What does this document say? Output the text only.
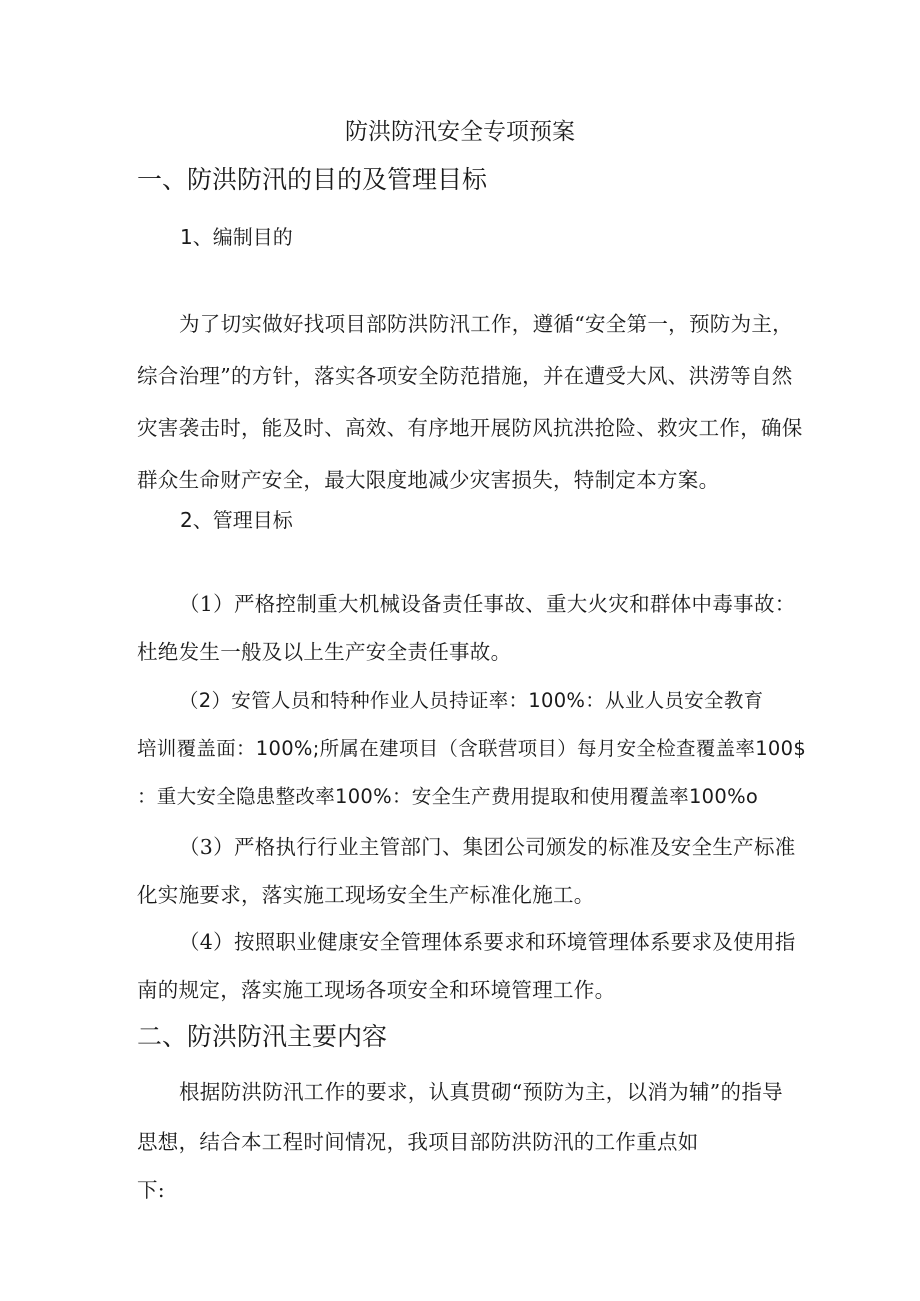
防洪防汛安全专项预案
一、防洪防汛的目的及管理目标
1、编制目的
为了切实做好找项目部防洪防汛工作，遵循“安全第一，预防为主，
综合治理”的方针，落实各项安全防范措施，并在遭受大风、洪涝等自然
灾害袭击时，能及时、高效、有序地开展防风抗洪抢险、救灾工作，确保
群众生命财产安全，最大限度地减少灾害损失，特制定本方案。
2、管理目标
（1）严格控制重大机械设备责任事故、重大火灾和群体中毒事故：
杜绝发生一般及以上生产安全责任事故。
（2）安管人员和特种作业人员持证率：100%：从业人员安全教育
培训覆盖面：100%;所属在建项目（含联营项目）每月安全检查覆盖率100$
：重大安全隐患整改率100%：安全生产费用提取和使用覆盖率100%o
（3）严格执行行业主管部门、集团公司颁发的标准及安全生产标准
化实施要求，落实施工现场安全生产标准化施工。
（4）按照职业健康安全管理体系要求和环境管理体系要求及使用指
南的规定，落实施工现场各项安全和环境管理工作。
二、防洪防汛主要内容
根据防洪防汛工作的要求，认真贯砌“预防为主，以消为辅”的指导
思想，结合本工程时间情况，我项目部防洪防汛的工作重点如
下:
